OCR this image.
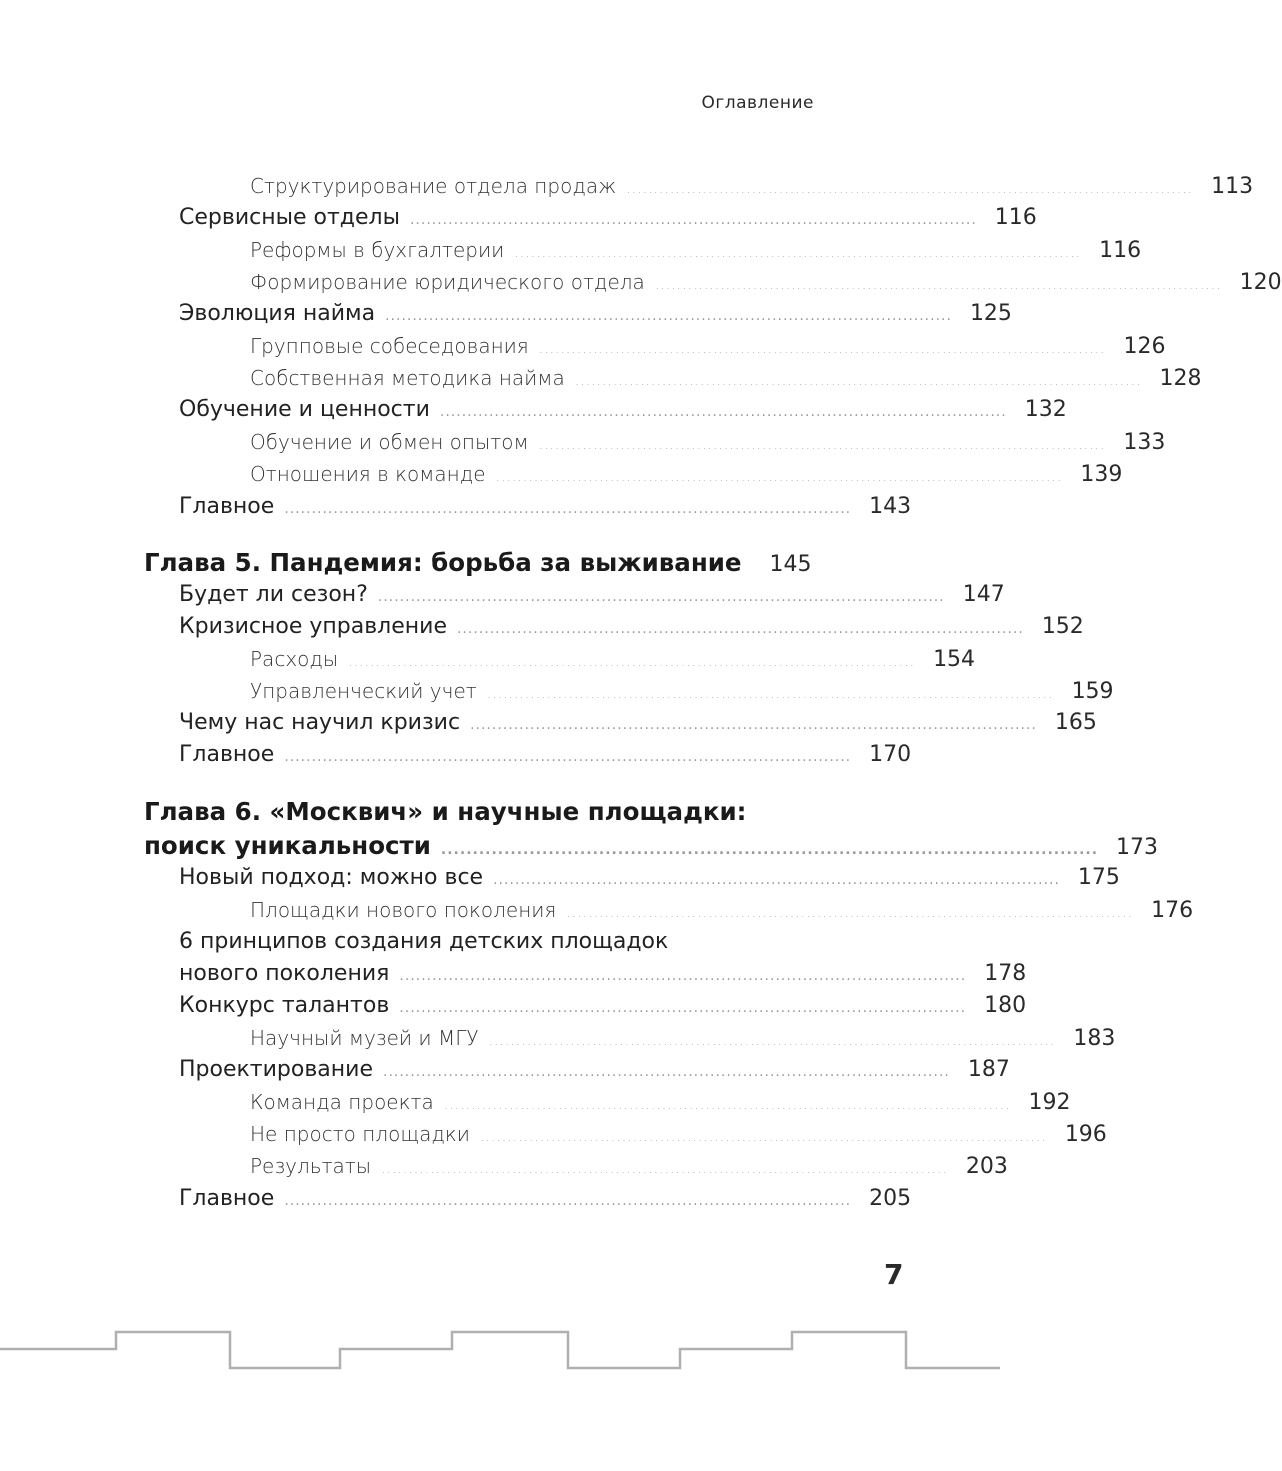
Оглавление
Структурирование отдела продаж ........................................................................................................ 113
Сервисные отделы ........................................................................................................ 116
Реформы в бухгалтерии ........................................................................................................ 116
Формирование юридического отдела ........................................................................................................ 120
Эволюция найма ........................................................................................................ 125
Групповые собеседования ........................................................................................................ 126
Собственная методика найма ........................................................................................................ 128
Обучение и ценности ........................................................................................................ 132
Обучение и обмен опытом ........................................................................................................ 133
Отношения в команде ........................................................................................................ 139
Главное ........................................................................................................ 143
Глава 5. Пандемия: борьба за выживание 145
Будет ли сезон? ........................................................................................................ 147
Кризисное управление ........................................................................................................ 152
Расходы ........................................................................................................ 154
Управленческий учет ........................................................................................................ 159
Чему нас научил кризис ........................................................................................................ 165
Главное ........................................................................................................ 170
Глава 6. «Москвич» и научные площадки:
поиск уникальности ........................................................................................................ 173
Новый подход: можно все ........................................................................................................ 175
Площадки нового поколения ........................................................................................................ 176
6 принципов создания детских площадок
нового поколения ........................................................................................................ 178
Конкурс талантов ........................................................................................................ 180
Научный музей и МГУ ........................................................................................................ 183
Проектирование ........................................................................................................ 187
Команда проекта ........................................................................................................ 192
Не просто площадки ........................................................................................................ 196
Результаты ........................................................................................................ 203
Главное ........................................................................................................ 205
7
